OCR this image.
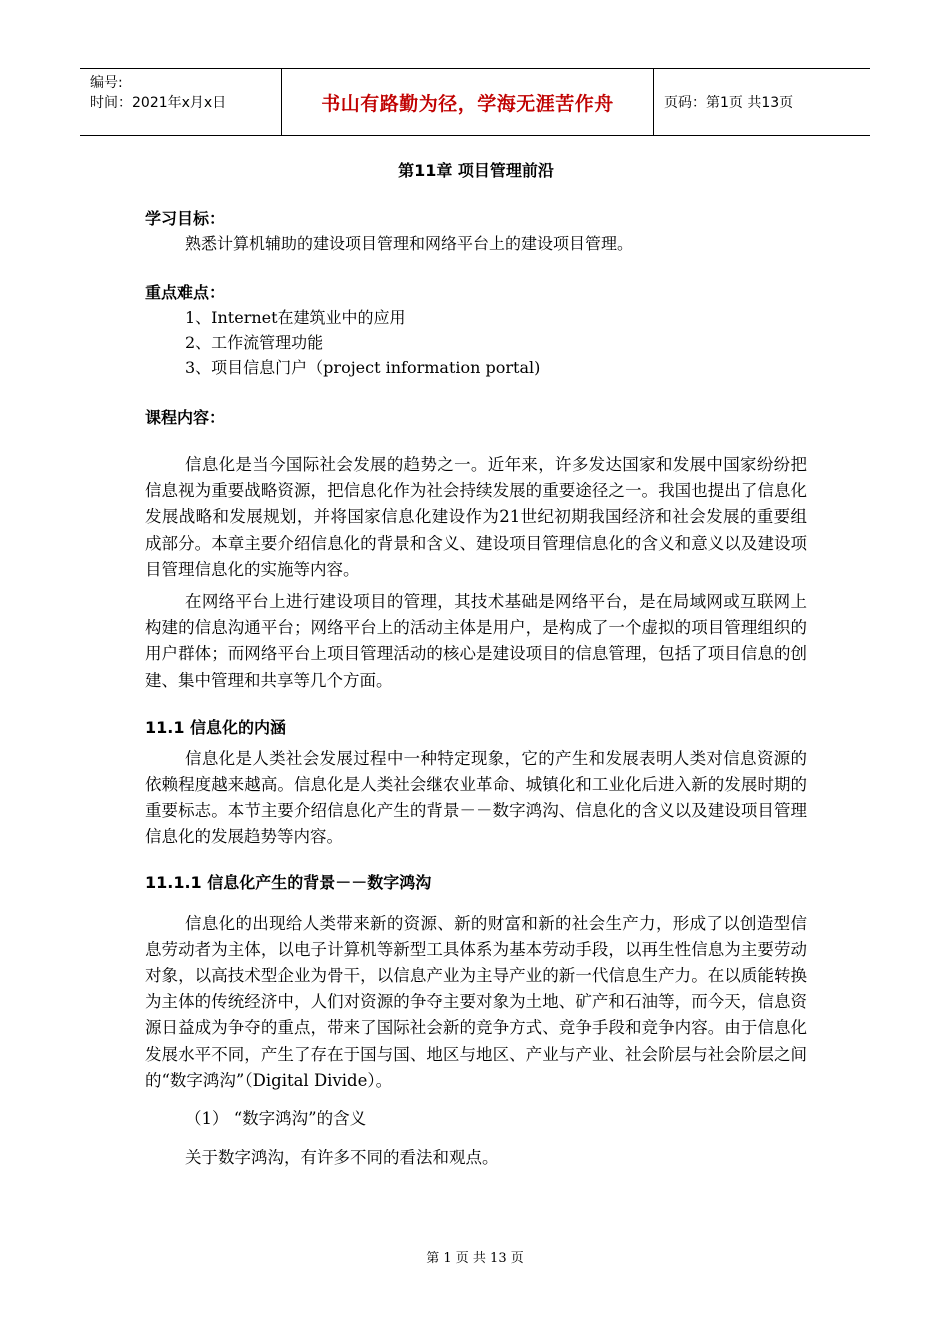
编号:
时间：2021年x月x日	书山有路勤为径，学海无涯苦作舟	页码：第1页 共13页
第11章 项目管理前沿
学习目标：
熟悉计算机辅助的建设项目管理和网络平台上的建设项目管理。
重点难点：
1、Internet在建筑业中的应用
2、工作流管理功能
3、项目信息门户（project information portal)
课程内容：

信息化是当今国际社会发展的趋势之一。近年来，许多发达国家和发展中国家纷纷把信息视为重要战略资源，把信息化作为社会持续发展的重要途径之一。我国也提出了信息化发展战略和发展规划，并将国家信息化建设作为21世纪初期我国经济和社会发展的重要组成部分。本章主要介绍信息化的背景和含义、建设项目管理信息化的含义和意义以及建设项目管理信息化的实施等内容。

在网络平台上进行建设项目的管理，其技术基础是网络平台，是在局域网或互联网上构建的信息沟通平台；网络平台上的活动主体是用户，是构成了一个虚拟的项目管理组织的用户群体；而网络平台上项目管理活动的核心是建设项目的信息管理，包括了项目信息的创建、集中管理和共享等几个方面。

11.1 信息化的内涵

信息化是人类社会发展过程中一种特定现象，它的产生和发展表明人类对信息资源的依赖程度越来越高。信息化是人类社会继农业革命、城镇化和工业化后进入新的发展时期的重要标志。本节主要介绍信息化产生的背景－－数字鸿沟、信息化的含义以及建设项目管理信息化的发展趋势等内容。

11.1.1 信息化产生的背景－－数字鸿沟

信息化的出现给人类带来新的资源、新的财富和新的社会生产力，形成了以创造型信息劳动者为主体，以电子计算机等新型工具体系为基本劳动手段，以再生性信息为主要劳动对象，以高技术型企业为骨干，以信息产业为主导产业的新一代信息生产力。在以质能转换为主体的传统经济中，人们对资源的争夺主要对象为土地、矿产和石油等，而今天，信息资源日益成为争夺的重点，带来了国际社会新的竞争方式、竞争手段和竞争内容。由于信息化发展水平不同，产生了存在于国与国、地区与地区、产业与产业、社会阶层与社会阶层之间的“数字鸿沟”（Digital Divide）。

（1） “数字鸿沟”的含义

关于数字鸿沟，有许多不同的看法和观点。

第 1 页 共 13 页
